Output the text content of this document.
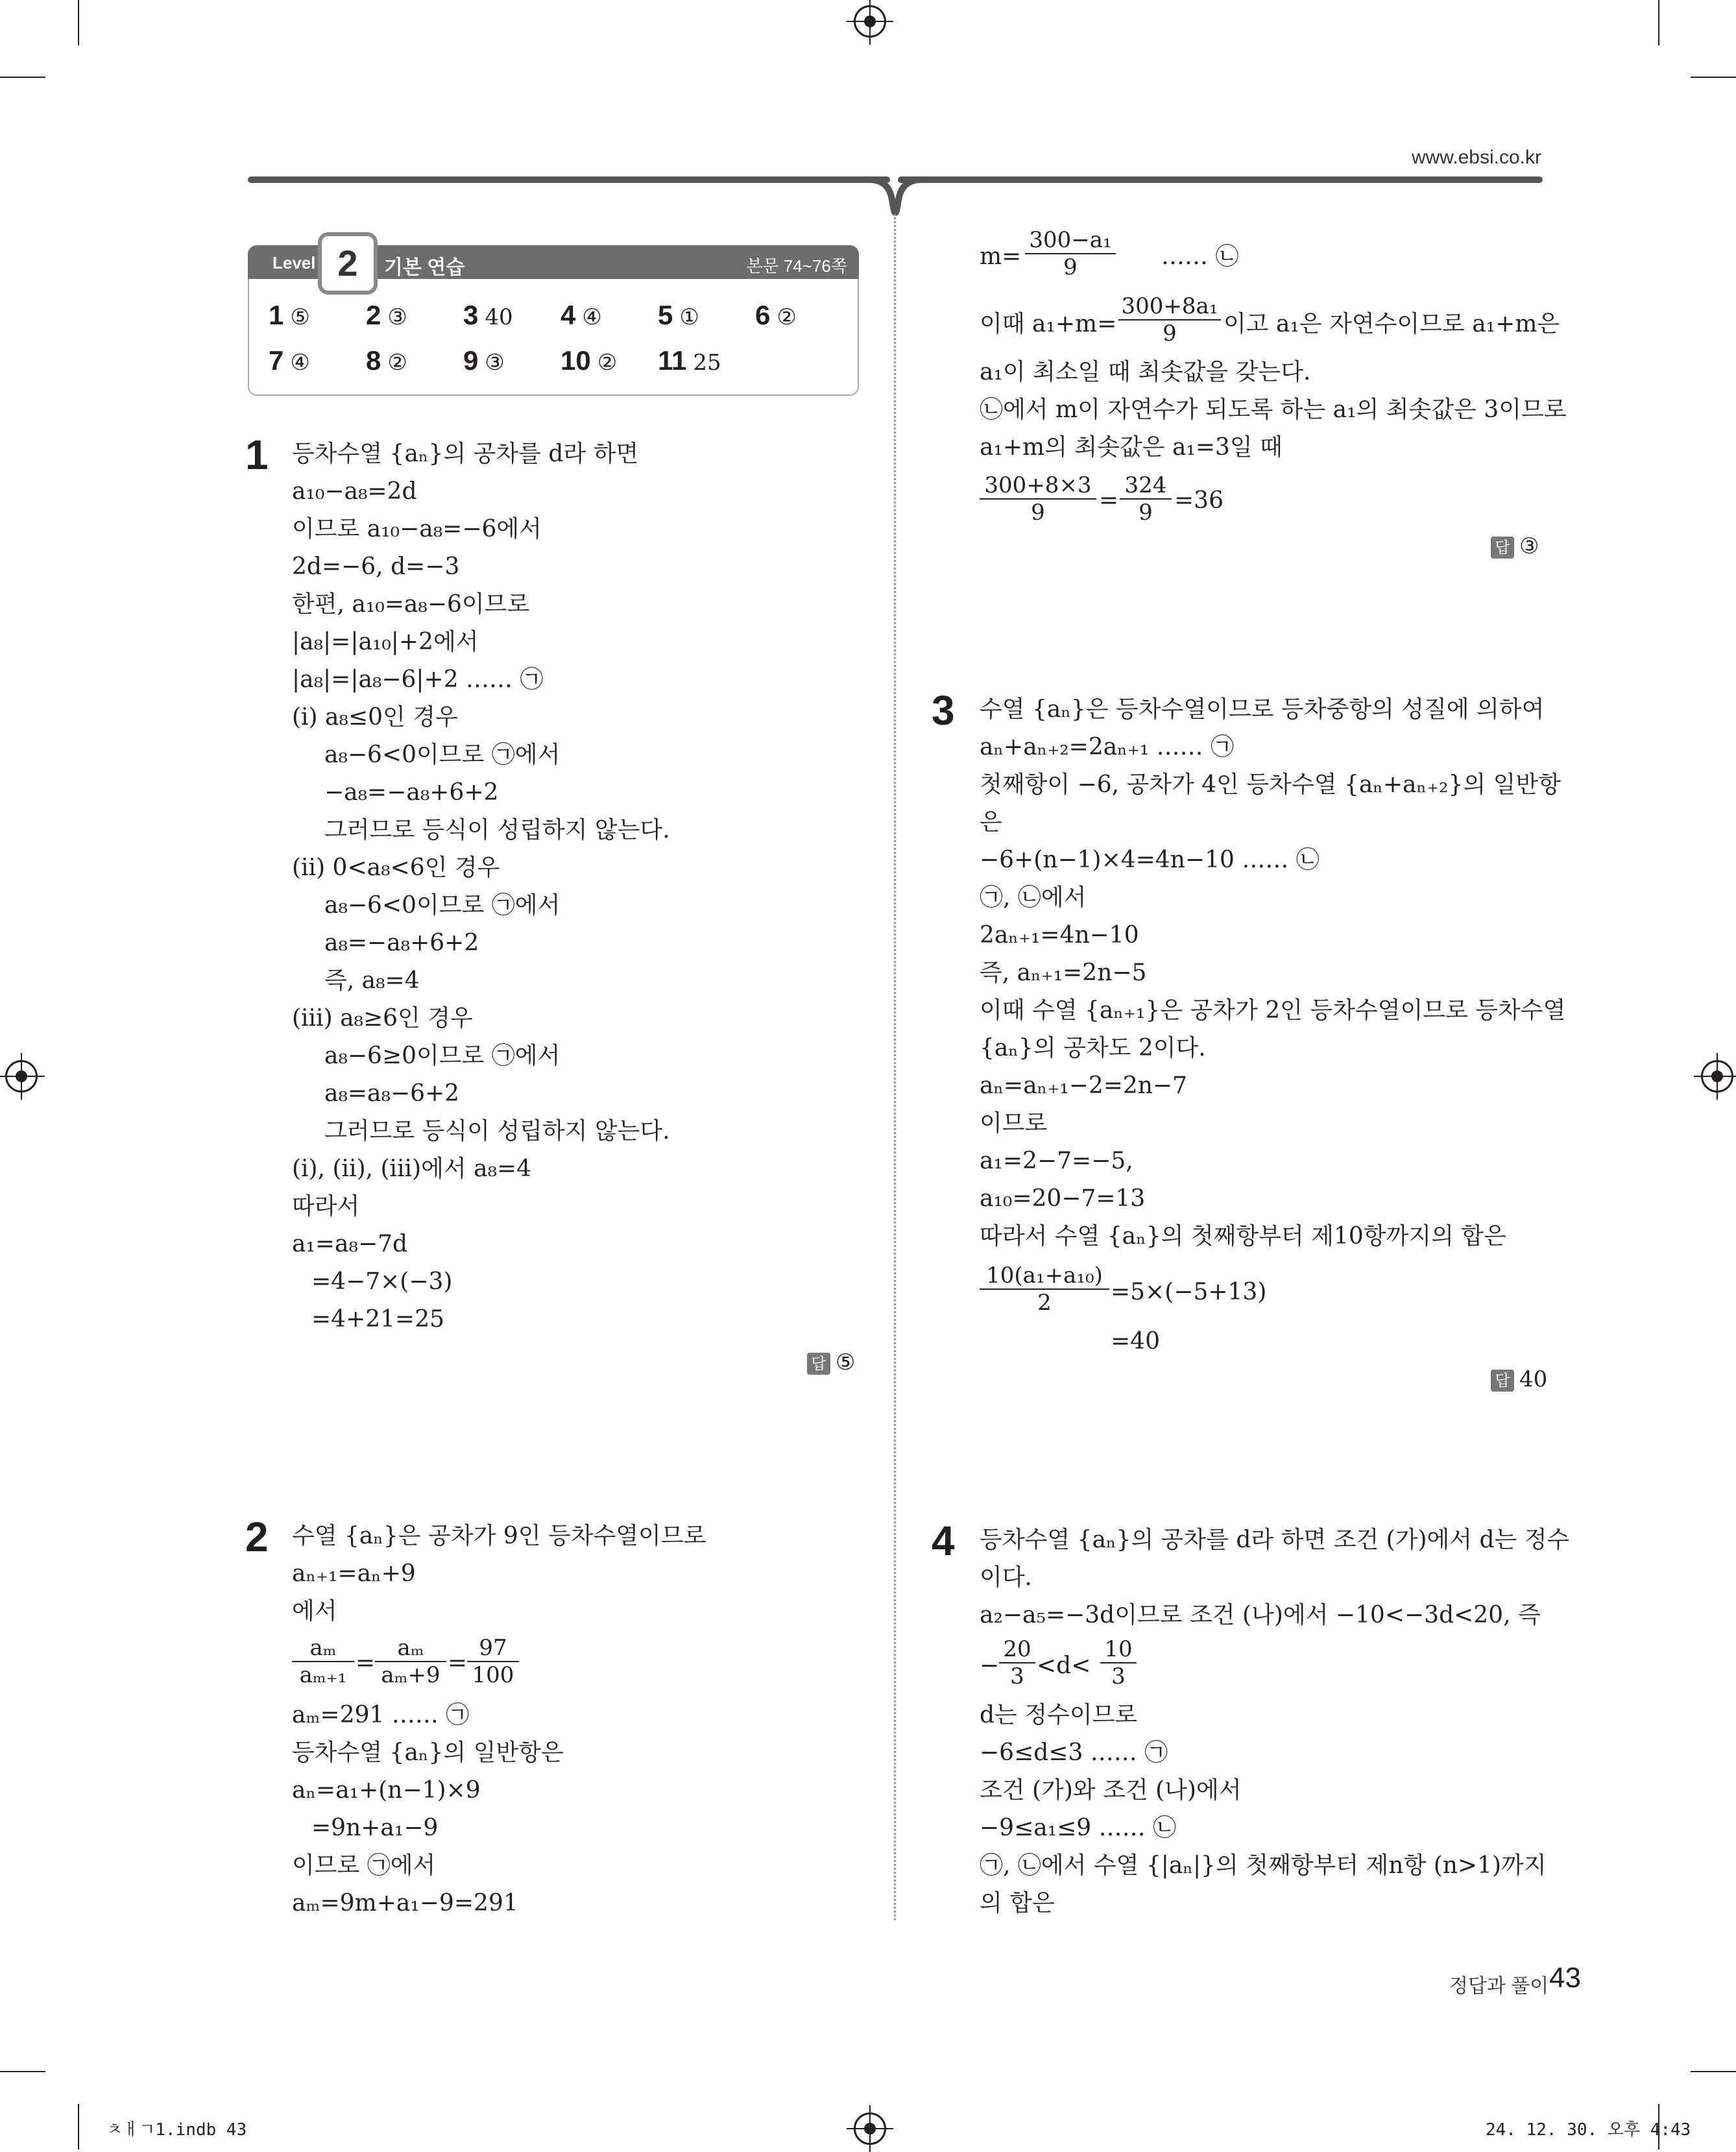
www.ebsi.co.kr
Level	기본 연습	본문 74~76쪽
2
1 ⑤ 2 ③ 3 40 4 ④ 5 ① 6 ②
7 ④ 8 ② 9 ③ 10 ② 11 25
1 등차수열 {aₙ}의 공차를 d라 하면
a₁₀−a₈=2d
이므로 a₁₀−a₈=−6에서
2d=−6, d=−3
한편, a₁₀=a₈−6이므로
|a₈|=|a₁₀|+2에서
|a₈|=|a₈−6|+2 …… ㉠
(ⅰ) a₈≤0인 경우
a₈−6<0이므로 ㉠에서
−a₈=−a₈+6+2
그러므로 등식이 성립하지 않는다.
(ⅱ) 0<a₈<6인 경우
a₈−6<0이므로 ㉠에서
a₈=−a₈+6+2
즉, a₈=4
(ⅲ) a₈≥6인 경우
a₈−6≥0이므로 ㉠에서
a₈=a₈−6+2
그러므로 등식이 성립하지 않는다.
(ⅰ), (ⅱ), (ⅲ)에서 a₈=4
따라서
a₁=a₈−7d
=4−7×(−3)
=4+21=25
답 ⑤
2 수열 {aₙ}은 공차가 9인 등차수열이므로
aₙ₊₁=aₙ+9
에서
$\frac{\text{aₘ}}{\text{aₘ₊₁}} = \frac{\text{aₘ}}{\text{aₘ+9}} = \frac{97}{100}$
aₘ=291 …… ㉠
등차수열 {aₙ}의 일반항은
aₙ=a₁+(n−1)×9
=9n+a₁−9
이므로 ㉠에서
aₘ=9m+a₁−9=291
$m= \frac{\text{300−a₁}}{9}$ …… ㉡
이때 $a_1+m= \frac{\text{300+8a₁}}{9}$ 이고 a₁은 자연수이므로 a₁+m은
a₁이 최소일 때 최솟값을 갖는다.
㉡에서 m이 자연수가 되도록 하는 a₁의 최솟값은 3이므로
a₁+m의 최솟값은 a₁=3일 때
$\frac{300+8\times 3}{9} = \frac{324}{9} =36$
답 ③
3 수열 {aₙ}은 등차수열이므로 등차중항의 성질에 의하여
aₙ+aₙ₊₂=2aₙ₊₁ …… ㉠
첫째항이 −6, 공차가 4인 등차수열 {aₙ+aₙ₊₂}의 일반항
은
−6+(n−1)×4=4n−10 …… ㉡
㉠, ㉡에서
2aₙ₊₁=4n−10
즉, aₙ₊₁=2n−5
이때 수열 {aₙ₊₁}은 공차가 2인 등차수열이므로 등차수열
{aₙ}의 공차도 2이다.
aₙ=aₙ₊₁−2=2n−7
이므로
a₁=2−7=−5,
a₁₀=20−7=13
따라서 수열 {aₙ}의 첫째항부터 제10항까지의 합은
$\frac{\text{10(a₁+a₁₀)}}{2} =5\times(-5+13)$
=40
답 40
4 등차수열 {aₙ}의 공차를 d라 하면 조건 (가)에서 d는 정수
이다.
a₂−a₅=−3d이므로 조건 (나)에서 −10<−3d<20, 즉
− $\frac{20}{3} <d< \frac{10}{3}$
d는 정수이므로
−6≤d≤3 …… ㉠
조건 (가)와 조건 (나)에서
−9≤a₁≤9 …… ㉡
㉠, ㉡에서 수열 {|aₙ|}의 첫째항부터 제n항 (n>1)까지
의 합은
정답과 풀이 43
ㅊㅐㄱ1.indb 43	24. 12. 30. 오후 4:43
